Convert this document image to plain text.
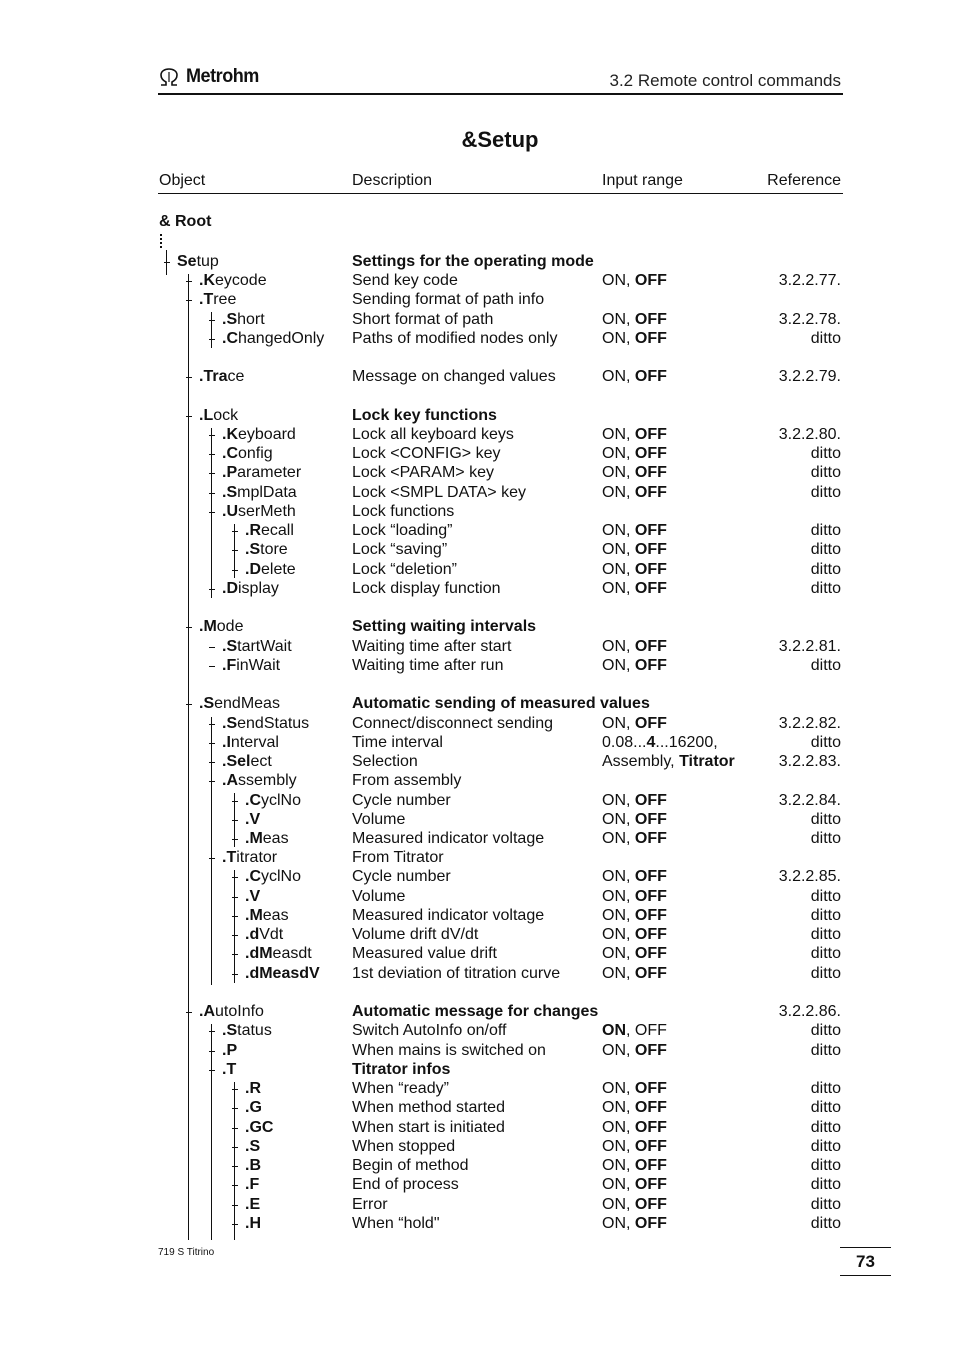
Metrohm	3.2 Remote control commands
&Setup
Object	Description	Input range	Reference
& Root
Setup	Settings for the operating mode
.Keycode	Send key code	ON, OFF	3.2.2.77.
.Tree	Sending format of path info
.Short	Short format of path	ON, OFF	3.2.2.78.
.ChangedOnly Paths of modified nodes only	ON, OFF	ditto
.Trace	Message on changed values	ON, OFF	3.2.2.79.
.Lock	Lock key functions
.Keyboard	Lock all keyboard keys	ON, OFF	3.2.2.80.
.Config	Lock <CONFIG> key	ON, OFF	ditto
.Parameter	Lock <PARAM> key	ON, OFF	ditto
.SmplData	Lock <SMPL DATA> key	ON, OFF	ditto
.UserMeth	Lock functions
.Recall	Lock “loading”	ON, OFF	ditto
.Store	Lock “saving”	ON, OFF	ditto
.Delete	Lock “deletion”	ON, OFF	ditto
.Display	Lock display function	ON, OFF	ditto
.Mode	Setting waiting intervals
.StartWait	Waiting time after start	ON, OFF	3.2.2.81.
.FinWait	Waiting time after run	ON, OFF	ditto
.SendMeas	Automatic sending of measured values
.SendStatus	Connect/disconnect sending	ON, OFF	3.2.2.82.
.Interval	Time interval	0.08...4...16200,	ditto
.Select	Selection	Assembly, Titrator	3.2.2.83.
.Assembly	From assembly
.CyclNo	Cycle number	ON, OFF	3.2.2.84.
.V	Volume	ON, OFF	ditto
.Meas	Measured indicator voltage	ON, OFF	ditto
.Titrator	From Titrator
.CyclNo	Cycle number	ON, OFF	3.2.2.85.
.V	Volume	ON, OFF	ditto
.Meas	Measured indicator voltage	ON, OFF	ditto
.dVdt	Volume drift dV/dt	ON, OFF	ditto
.dMeasdt	Measured value drift	ON, OFF	ditto
.dMeasdV 1st deviation of titration curve	ON, OFF	ditto
.AutoInfo	Automatic message for changes	3.2.2.86.
.Status	Switch AutoInfo on/off	ON, OFF	ditto
.P	When mains is switched on	ON, OFF	ditto
.T	Titrator infos
.R	When “ready”	ON, OFF	ditto
.G	When method started	ON, OFF	ditto
.GC	When start is initiated	ON, OFF	ditto
.S	When stopped	ON, OFF	ditto
.B	Begin of method	ON, OFF	ditto
.F	End of process	ON, OFF	ditto
.E	Error	ON, OFF	ditto
.H	When “hold"	ON, OFF	ditto
719 S Titrino	73
